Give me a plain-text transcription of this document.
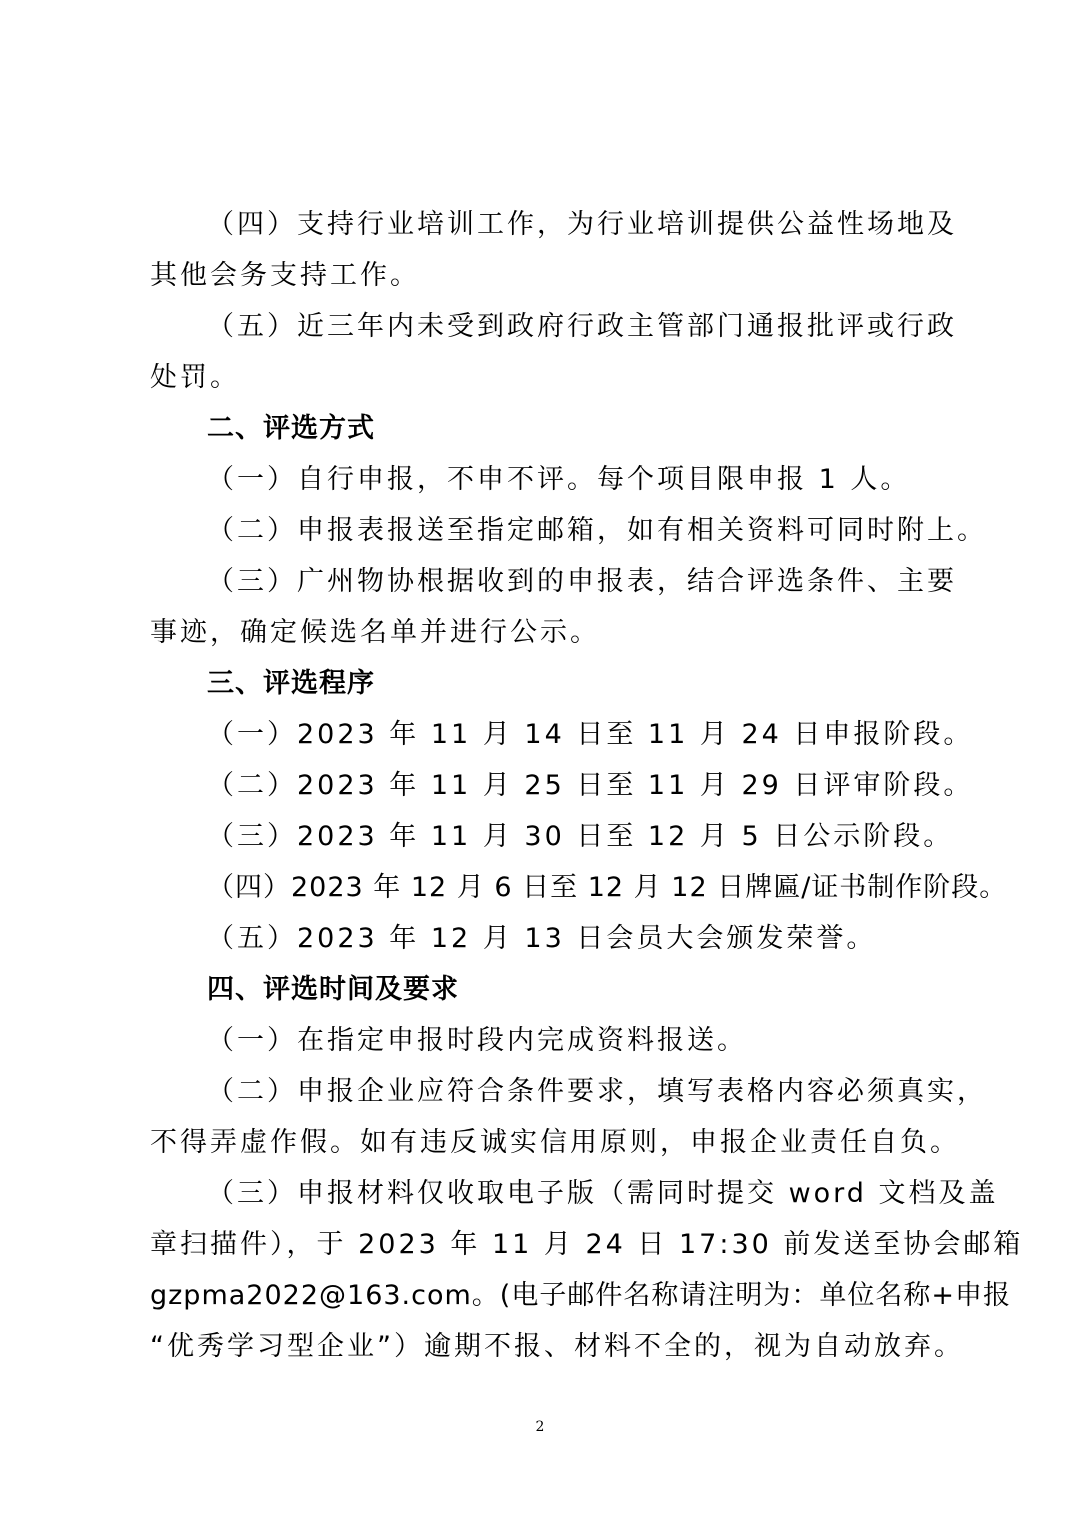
（四）支持行业培训工作，为行业培训提供公益性场地及
其他会务支持工作。
（五）近三年内未受到政府行政主管部门通报批评或行政
处罚。
二、评选方式
（一）自行申报，不申不评。每个项目限申报 1 人。
（二）申报表报送至指定邮箱，如有相关资料可同时附上。
（三）广州物协根据收到的申报表，结合评选条件、主要
事迹，确定候选名单并进行公示。
三、评选程序
（一）2023 年 11 月 14 日至 11 月 24 日申报阶段。
（二）2023 年 11 月 25 日至 11 月 29 日评审阶段。
（三）2023 年 11 月 30 日至 12 月 5 日公示阶段。
（四）2023 年 12 月 6 日至 12 月 12 日牌匾/证书制作阶段。
（五）2023 年 12 月 13 日会员大会颁发荣誉。
四、评选时间及要求
（一）在指定申报时段内完成资料报送。
（二）申报企业应符合条件要求，填写表格内容必须真实，
不得弄虚作假。如有违反诚实信用原则，申报企业责任自负。
（三）申报材料仅收取电子版（需同时提交 word 文档及盖
章扫描件），于 2023 年 11 月 24 日 17:30 前发送至协会邮箱
gzpma2022@163.com。(电子邮件名称请注明为：单位名称+申报
“优秀学习型企业”）逾期不报、材料不全的，视为自动放弃。
2
